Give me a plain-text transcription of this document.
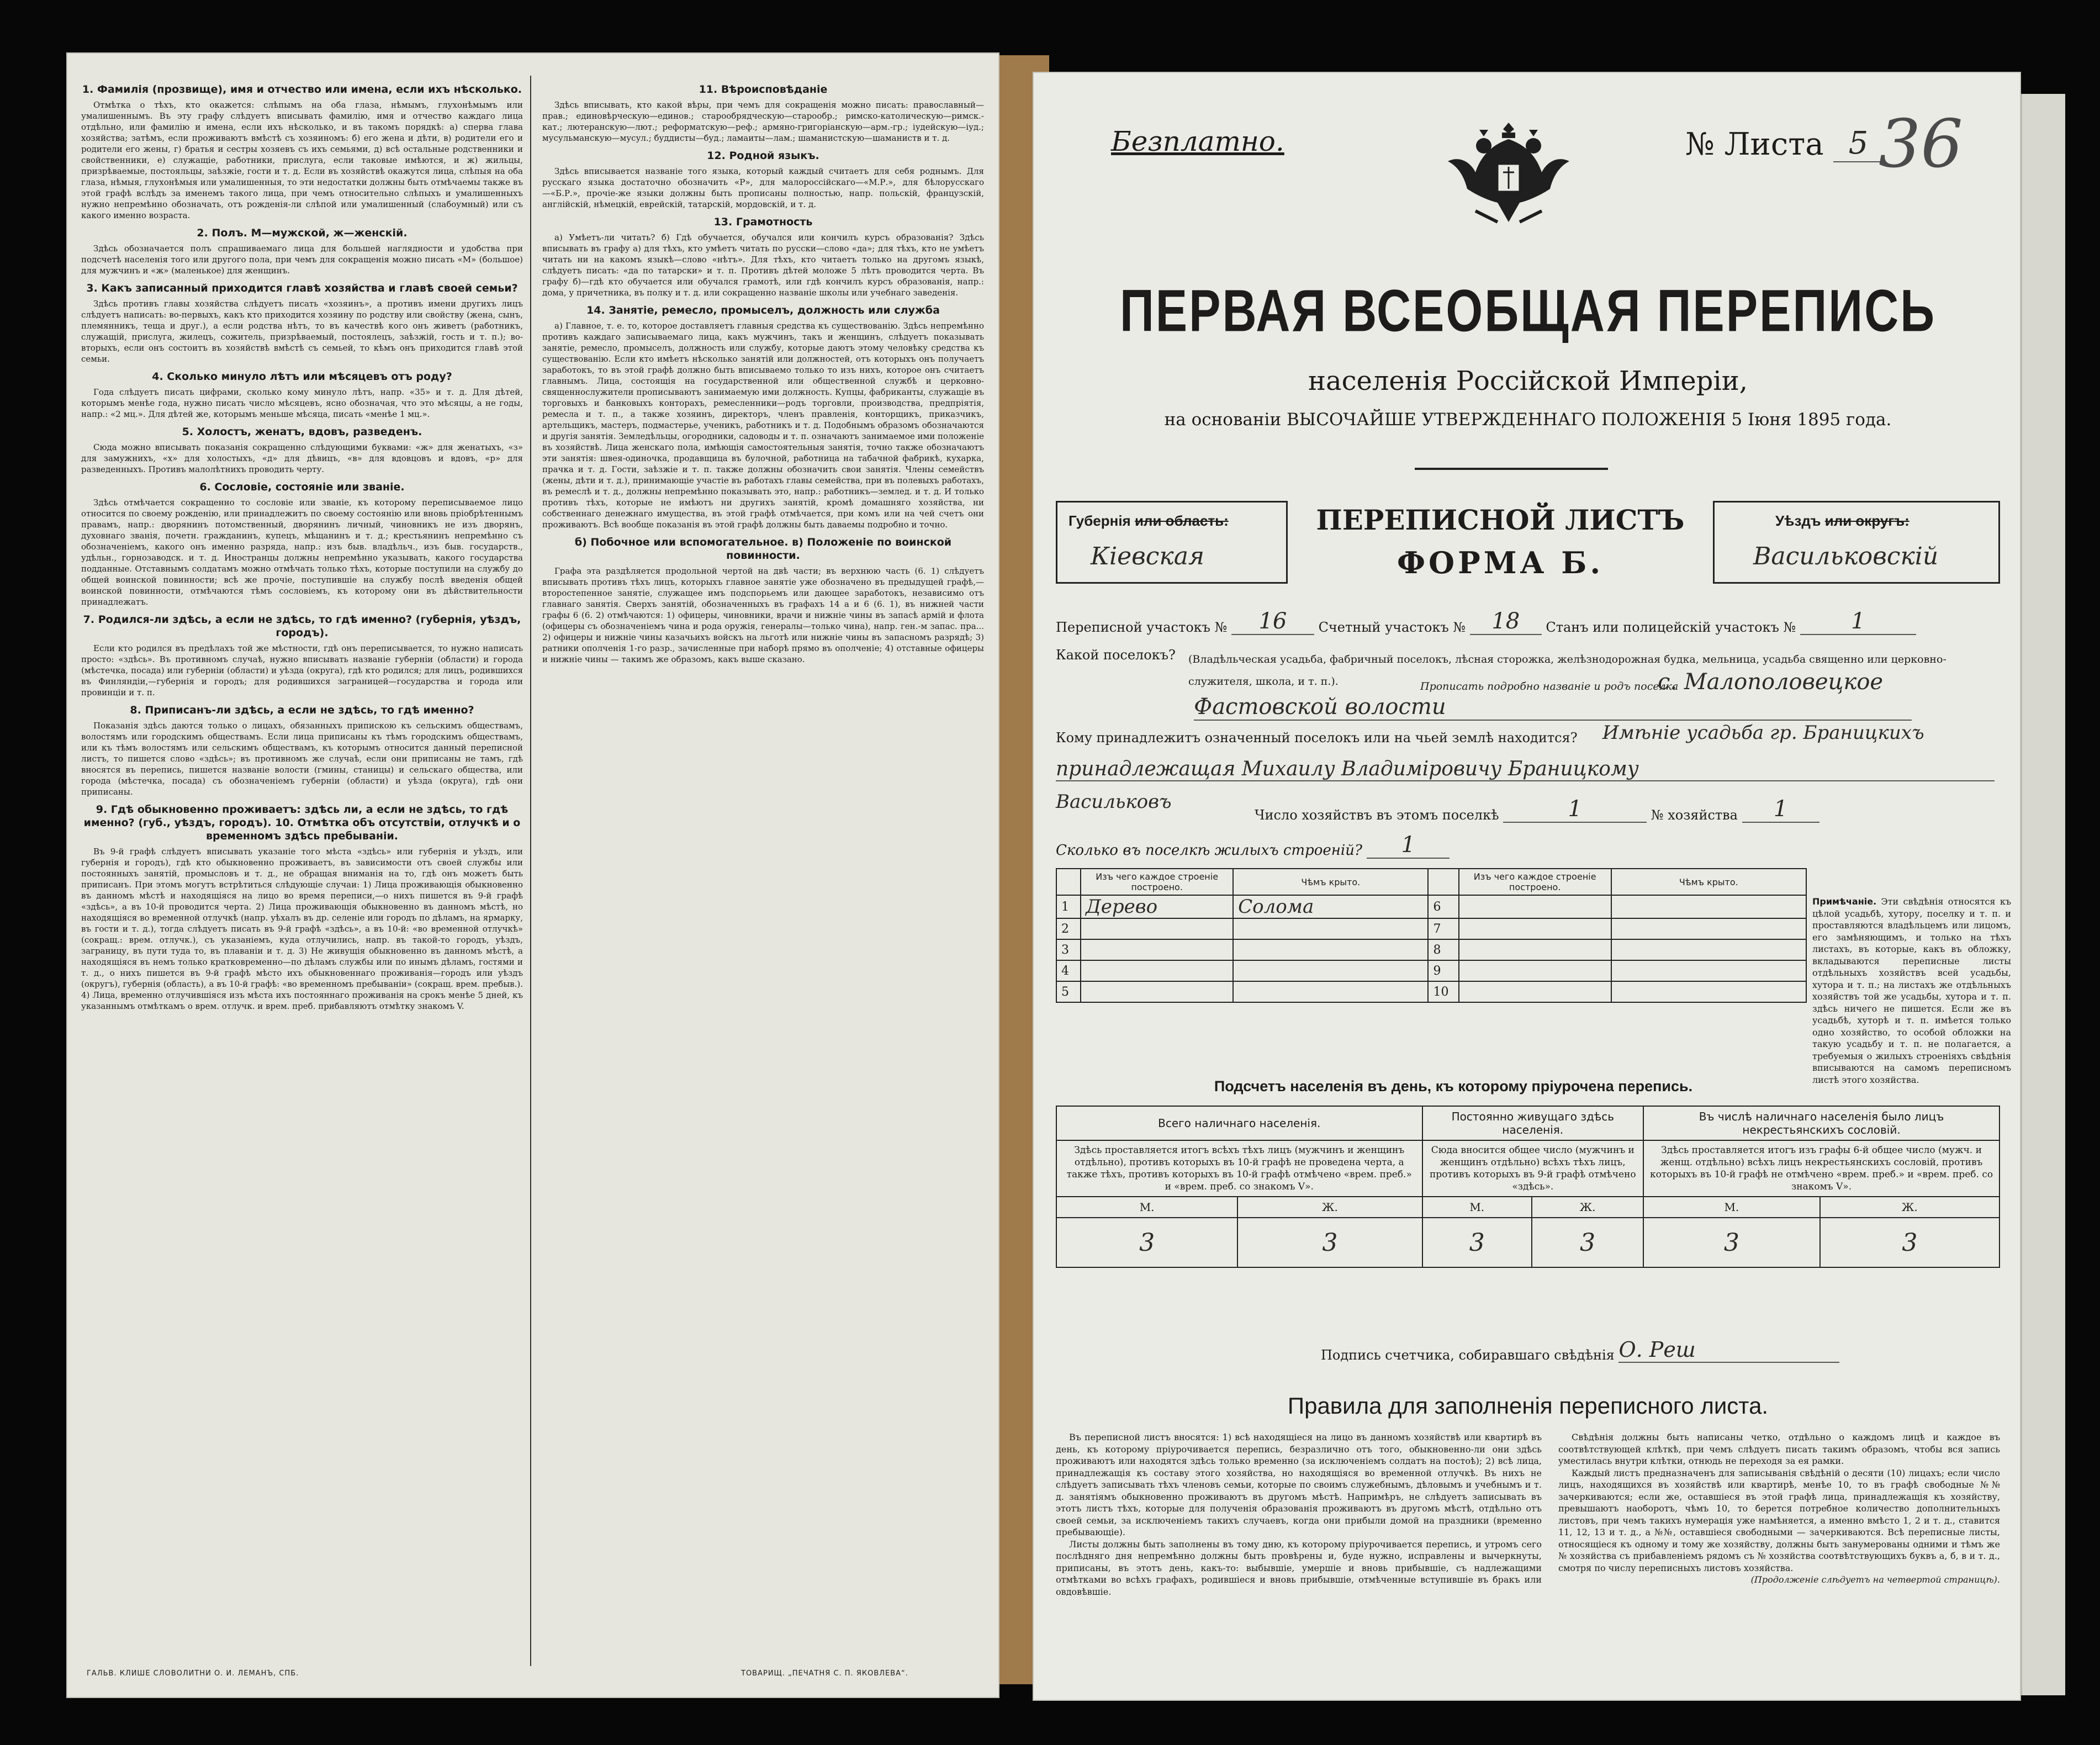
1. Фамилія (прозвище), имя и отчество или имена, если ихъ нѣсколько.

Отмѣтка о тѣхъ, кто окажется: слѣпымъ на оба глаза, нѣмымъ, глухонѣмымъ или умалишеннымъ. Въ эту графу слѣдуетъ вписывать фамилію, имя и отчество каждаго лица отдѣльно, или фамилію и имена, если ихъ нѣсколько, и въ такомъ порядкѣ: а) сперва глава хозяйства; затѣмъ, если проживаютъ вмѣстѣ съ хозяиномъ: б) его жена и дѣти, в) родители его и родители его жены, г) братья и сестры хозяевъ съ ихъ семьями, д) всѣ остальные родственники и свойственники, е) служащіе, работники, прислуга, если таковые имѣются, и ж) жильцы, призрѣваемые, постояльцы, заѣзжіе, гости и т. д. Если въ хозяйствѣ окажутся лица, слѣпыя на оба глаза, нѣмыя, глухонѣмыя или умалишенныя, то эти недостатки должны быть отмѣчаемы также въ этой графѣ вслѣдъ за именемъ такого лица, при чемъ относительно слѣпыхъ и умалишенныхъ нужно непремѣнно обозначать, отъ рожденія-ли слѣпой или умалишенный (слабоумный) или съ какого именно возраста.

2. Полъ. М—мужской, ж—женскій.

Здѣсь обозначается полъ спрашиваемаго лица для большей наглядности и удобства при подсчетѣ населенія того или другого пола, при чемъ для сокращенія можно писать «М» (большое) для мужчинъ и «ж» (маленькое) для женщинъ.

3. Какъ записанный приходится главѣ хозяйства и главѣ своей семьи?

Здѣсь противъ главы хозяйства слѣдуетъ писать «хозяинъ», а противъ имени другихъ лицъ слѣдуетъ написать: во-первыхъ, какъ кто приходится хозяину по родству или свойству (жена, сынъ, племянникъ, теща и друг.), а если родства нѣтъ, то въ качествѣ кого онъ живетъ (работникъ, служащій, прислуга, жилецъ, сожитель, призрѣваемый, постоялецъ, заѣзжій, гость и т. п.); во-вторыхъ, если онъ состоитъ въ хозяйствѣ вмѣстѣ съ семьей, то кѣмъ онъ приходится главѣ этой семьи.

4. Сколько минуло лѣтъ или мѣсяцевъ отъ роду?

Года слѣдуетъ писать цифрами, сколько кому минуло лѣтъ, напр. «35» и т. д. Для дѣтей, которымъ менѣе года, нужно писать число мѣсяцевъ, ясно обозначая, что это мѣсяцы, а не годы, напр.: «2 мц.». Для дѣтей же, которымъ меньше мѣсяца, писать «менѣе 1 мц.».

5. Холостъ, женатъ, вдовъ, разведенъ.

Сюда можно вписывать показанія сокращенно слѣдующими буквами: «ж» для женатыхъ, «з» для замужнихъ, «х» для холостыхъ, «д» для дѣвицъ, «в» для вдовцовъ и вдовъ, «р» для разведенныхъ. Противъ малолѣтнихъ проводить черту.

6. Сословіе, состояніе или званіе.

Здѣсь отмѣчается сокращенно то сословіе или званіе, къ которому переписываемое лицо относится по своему рожденію, или принадлежитъ по своему состоянію или вновь пріобрѣтеннымъ правамъ, напр.: дворянинъ потомственный, дворянинъ личный, чиновникъ не изъ дворянъ, духовнаго званія, почетн. гражданинъ, купецъ, мѣщанинъ и т. д.; крестьянинъ непремѣнно съ обозначеніемъ, какого онъ именно разряда, напр.: изъ быв. владѣльч., изъ быв. государств., удѣльн., горнозаводск. и т. д. Иностранцы должны непремѣнно указывать, какого государства подданные. Отставнымъ солдатамъ можно отмѣчать только тѣхъ, которые поступили на службу до общей воинской повинности; всѣ же прочіе, поступившіе на службу послѣ введенія общей воинской повинности, отмѣчаются тѣмъ сословіемъ, къ которому они въ дѣйствительности принадлежатъ.

7. Родился-ли здѣсь, а если не здѣсь, то гдѣ именно? (губернія, уѣздъ, городъ).

Если кто родился въ предѣлахъ той же мѣстности, гдѣ онъ переписывается, то нужно написать просто: «здѣсь». Въ противномъ случаѣ, нужно вписывать названіе губерніи (области) и города (мѣстечка, посада) или губерніи (области) и уѣзда (округа), гдѣ кто родился; для лицъ, родившихся въ Финляндіи,—губернія и городъ; для родившихся заграницей—государства и города или провинціи и т. п.

8. Приписанъ-ли здѣсь, а если не здѣсь, то гдѣ именно?

Показанія здѣсь даются только о лицахъ, обязанныхъ припискою къ сельскимъ обществамъ, волостямъ или городскимъ обществамъ. Если лица приписаны къ тѣмъ городскимъ обществамъ, или къ тѣмъ волостямъ или сельскимъ обществамъ, къ которымъ относится данный переписной листъ, то пишется слово «здѣсь»; въ противномъ же случаѣ, если они приписаны не тамъ, гдѣ вносятся въ перепись, пишется названіе волости (гмины, станицы) и сельскаго общества, или города (мѣстечка, посада) съ обозначеніемъ губерніи (области) и уѣзда (округа), гдѣ они приписаны.

9. Гдѣ обыкновенно проживаетъ: здѣсь ли, а если не здѣсь, то гдѣ именно? (губ., уѣздъ, городъ). 10. Отмѣтка объ отсутствіи, отлучкѣ и о временномъ здѣсь пребываніи.

Въ 9-й графѣ слѣдуетъ вписывать указаніе того мѣста «здѣсь» или губернія и уѣздъ, или губернія и городъ), гдѣ кто обыкновенно проживаетъ, въ зависимости отъ своей службы или постоянныхъ занятій, промысловъ и т. д., не обращая вниманія на то, гдѣ онъ можетъ быть приписанъ. При этомъ могутъ встрѣтиться слѣдующіе случаи: 1) Лица проживающія обыкновенно въ данномъ мѣстѣ и находящіяся на лицо во время переписи,—о нихъ пишется въ 9-й графѣ «здѣсь», а въ 10-й проводится черта. 2) Лица проживающія обыкновенно въ данномъ мѣстѣ, но находящіяся во временной отлучкѣ (напр. уѣхалъ въ др. селеніе или городъ по дѣламъ, на ярмарку, въ гости и т. д.), тогда слѣдуетъ писать въ 9-й графѣ «здѣсь», а въ 10-й: «во временной отлучкѣ» (сокращ.: врем. отлучк.), съ указаніемъ, куда отлучились, напр. въ такой-то городъ, уѣздъ, заграницу, въ пути туда то, въ плаваніи и т. д. 3) Не живущія обыкновенно въ данномъ мѣстѣ, а находящіяся въ немъ только кратковременно—по дѣламъ службы или по инымъ дѣламъ, гостями и т. д., о нихъ пишется въ 9-й графѣ мѣсто ихъ обыкновеннаго проживанія—городъ или уѣздъ (округъ), губернія (область), а въ 10-й графѣ: «во временномъ пребываніи» (сокращ. врем. пребыв.). 4) Лица, временно отлучившіяся изъ мѣста ихъ постояннаго проживанія на срокъ менѣе 5 дней, къ указаннымъ отмѣткамъ о врем. отлучк. и врем. преб. прибавляютъ отмѣтку знакомъ V.

11. Вѣроисповѣданіе

Здѣсь вписывать, кто какой вѣры, при чемъ для сокращенія можно писать: православный—прав.; единовѣрческую—единов.; старообрядческую—старообр.; римско-католическую—римск.-кат.; лютеранскую—лют.; реформатскую—реф.; армяно-григоріанскую—арм.-гр.; іудейскую—іуд.; мусульманскую—мусул.; буддисты—буд.; ламаиты—лам.; шаманистскую—шаманиств и т. д.

12. Родной языкъ.

Здѣсь вписывается названіе того языка, который каждый считаетъ для себя роднымъ. Для русскаго языка достаточно обозначить «Р», для малороссійскаго—«М.Р.», для бѣлорусскаго—«Б.Р.», прочіе-же языки должны быть прописаны полностью, напр. польскій, французскій, англійскій, нѣмецкій, еврейскій, татарскій, мордовскій, и т. д.

13. Грамотность

а) Умѣетъ-ли читать? б) Гдѣ обучается, обучался или кончилъ курсъ образованія? Здѣсь вписывать въ графу а) для тѣхъ, кто умѣетъ читать по русски—слово «да»; для тѣхъ, кто не умѣетъ читать ни на какомъ языкѣ—слово «нѣтъ». Для тѣхъ, кто читаетъ только на другомъ языкѣ, слѣдуетъ писать: «да по татарски» и т. п. Противъ дѣтей моложе 5 лѣтъ проводится черта. Въ графу б)—гдѣ кто обучается или обучался грамотѣ, или гдѣ кончилъ курсъ образованія, напр.: дома, у причетника, въ полку и т. д. или сокращенно названіе школы или учебнаго заведенія.

14. Занятіе, ремесло, промыселъ, должность или служба

а) Главное, т. е. то, которое доставляетъ главныя средства къ существованію. Здѣсь непремѣнно противъ каждаго записываемаго лица, какъ мужчинъ, такъ и женщинъ, слѣдуетъ показывать занятіе, ремесло, промыселъ, должность или службу, которые даютъ этому человѣку средства къ существованію. Если кто имѣетъ нѣсколько занятій или должностей, отъ которыхъ онъ получаетъ заработокъ, то въ этой графѣ должно быть вписываемо только то изъ нихъ, которое онъ считаетъ главнымъ. Лица, состоящія на государственной или общественной службѣ и церковно-священнослужители прописываютъ занимаемую ими должность. Купцы, фабриканты, служащіе въ торговыхъ и банковыхъ конторахъ, ремесленники—родъ торговли, производства, предпріятія, ремесла и т. п., а также хозяинъ, директоръ, членъ правленія, конторщикъ, приказчикъ, артельщикъ, мастеръ, подмастерье, ученикъ, работникъ и т. д. Подобнымъ образомъ обозначаются и другія занятія. Земледѣльцы, огородники, садоводы и т. п. означаютъ занимаемое ими положеніе въ хозяйствѣ. Лица женскаго пола, имѣющія самостоятельныя занятія, точно также обозначаютъ эти занятія: швея-одиночка, продавщица въ булочной, работница на табачной фабрикѣ, кухарка, прачка и т. д. Гости, заѣзжіе и т. п. также должны обозначить свои занятія. Члены семействъ (жены, дѣти и т. д.), принимающіе участіе въ работахъ главы семейства, при въ полевыхъ работахъ, въ ремеслѣ и т. д., должны непремѣнно показывать это, напр.: работникъ—землед. и т. д. И только противъ тѣхъ, которые не имѣютъ ни другихъ занятій, кромѣ домашняго хозяйства, ни собственнаго денежнаго имущества, въ этой графѣ отмѣчается, при комъ или на чей счетъ они проживаютъ. Всѣ вообще показанія въ этой графѣ должны быть даваемы подробно и точно.

б) Побочное или вспомогательное. в) Положеніе по воинской повинности.

Графа эта раздѣляется продольной чертой на двѣ части; въ верхнюю часть (6. 1) слѣдуетъ вписывать противъ тѣхъ лицъ, которыхъ главное занятіе уже обозначено въ предыдущей графѣ,—второстепенное занятіе, служащее имъ подспорьемъ или дающее заработокъ, независимо отъ главнаго занятія. Сверхъ занятій, обозначенныхъ въ графахъ 14 а и 6 (6. 1), въ нижней части графы 6 (6. 2) отмѣчаются: 1) офицеры, чиновники, врачи и нижніе чины въ запасѣ армій и флота (офицеры съ обозначеніемъ чина и рода оружія, генералы—только чина), напр. ген.-м запас. пра... 2) офицеры и нижніе чины казачьихъ войскъ на льготѣ или нижніе чины въ запасномъ разрядѣ; 3) ратники ополченія 1-го разр., зачисленные при наборѣ прямо въ ополченіе; 4) отставные офицеры и нижніе чины — такимъ же образомъ, какъ выше сказано.

ГАЛЬВ. КЛИШЕ СЛОВОЛИТНИ О. И. ЛЕМАНЪ, СПБ.	ТОВАРИЩ. „ПЕЧАТНЯ С. П. ЯКОВЛЕВА“.
Безплатно.	№ Листа 5 36
ПЕРВАЯ ВСЕОБЩАЯ ПЕРЕПИСЬ
населенія Россійской Имперіи,
на основаніи ВЫСОЧАЙШЕ УТВЕРЖДЕННАГО ПОЛОЖЕНІЯ 5 Іюня 1895 года.
Губернія или область:
Кіевская
ПЕРЕПИСНОЙ ЛИСТЪ
ФОРМА Б.
Уѣздъ или округъ:
Васильковскій
Переписной участокъ № 16 Счетный участокъ № 18 Станъ или полицейскій участокъ № 1
Какой поселокъ? (Владѣльческая усадьба, фабричный поселокъ, лѣсная сторожка, желѣзнодорожная будка, мельница, усадьба священно или церковно-служителя, школа, и т. п.).	Прописать подробно названіе и родъ поселка
с. Малополовецкое
Фастовской волости
Кому принадлежитъ означенный поселокъ или на чьей землѣ находится? Имѣніе усадьба гр. Браницкихъ
принадлежащая Михаилу Владиміровичу Браницкому
Васильковъ
Число хозяйствъ въ этомъ поселкѣ	1	№ хозяйства 1
Сколько въ поселкѣ жилыхъ строеній? 1
	Изъ чего каждое строеніе построено.	Чѣмъ крыто.		Изъ чего каждое строеніе построено.	Чѣмъ крыто.
1	Дерево	Солома	6		
2			7		
3			8		
4			9		
5			10		
Примѣчаніе. Эти свѣдѣнія относятся къ цѣлой усадьбѣ, хутору, поселку и т. п. и проставляются владѣльцемъ или лицомъ, его замѣняющимъ, и только на тѣхъ листахъ, въ которые, какъ въ обложку, вкладываются переписные листы отдѣльныхъ хозяйствъ всей усадьбы, хутора и т. п.; на листахъ же отдѣльныхъ хозяйствъ той же усадьбы, хутора и т. п. здѣсь ничего не пишется. Если же въ усадьбѣ, хуторѣ и т. п. имѣется только одно хозяйство, то особой обложки на такую усадьбу и т. п. не полагается, а требуемыя о жилыхъ строеніяхъ свѣдѣнія вписываются на самомъ переписномъ листѣ этого хозяйства.
Подсчетъ населенія въ день, къ которому пріурочена перепись.
Всего наличнаго населенія.		Постоянно живущаго здѣсь населенія.		Въ числѣ наличнаго населенія было лицъ некрестьянскихъ сословій.	
Здѣсь проставляется итогъ всѣхъ тѣхъ лицъ (мужчинъ и женщинъ отдѣльно), противъ которыхъ въ 10-й графѣ не проведена черта, а также тѣхъ, противъ которыхъ въ 10-й графѣ отмѣчено «врем. преб.» и «врем. преб. со знакомъ V».		Сюда вносится общее число (мужчинъ и женщинъ отдѣльно) всѣхъ тѣхъ лицъ, противъ которыхъ въ 9-й графѣ отмѣчено «здѣсь».		Здѣсь проставляется итогъ изъ графы 6-й общее число (мужч. и женщ. отдѣльно) всѣхъ лицъ некрестьянскихъ сословій, противъ которыхъ въ 10-й графѣ не отмѣчено «врем. преб.» и «врем. преб. со знакомъ V».	
М.	Ж.	М.	Ж.	М.	Ж.
3	3	3	3	3	3
Подпись счетчика, собиравшаго свѣдѣнія О. Реш
Правила для заполненія переписного листа.

Въ переписной листъ вносятся: 1) всѣ находящіеся на лицо въ данномъ хозяйствѣ или квартирѣ въ день, къ которому пріурочивается перепись, безразлично отъ того, обыкновенно-ли они здѣсь проживаютъ или находятся здѣсь только временно (за исключеніемъ солдатъ на постоѣ); 2) всѣ лица, принадлежащія къ составу этого хозяйства, но находящіяся во временной отлучкѣ. Въ нихъ не слѣдуетъ записывать тѣхъ членовъ семьи, которые по своимъ служебнымъ, дѣловымъ и учебнымъ и т. д. занятіямъ обыкновенно проживаютъ въ другомъ мѣстѣ. Напримѣръ, не слѣдуетъ записывать въ этотъ листъ тѣхъ, которые для полученія образованія проживаютъ въ другомъ мѣстѣ, отдѣльно отъ своей семьи, за исключеніемъ такихъ случаевъ, когда они прибыли домой на праздники (временно пребывающіе).

Листы должны быть заполнены въ тому дню, къ которому пріурочивается перепись, и утромъ сего послѣдняго дня непремѣнно должны быть провѣрены и, буде нужно, исправлены и вычеркнуты, приписаны, въ этотъ день, какъ-то: выбывшіе, умершіе и вновь прибывшіе, съ надлежащими отмѣтками во всѣхъ графахъ, родившіеся и вновь прибывшіе, отмѣченные вступившіе въ бракъ или овдовѣвшіе.

Свѣдѣнія должны быть написаны четко, отдѣльно о каждомъ лицѣ и каждое въ соотвѣтствующей клѣткѣ, при чемъ слѣдуетъ писать такимъ образомъ, чтобы вся запись уместилась внутри клѣтки, отнюдь не переходя за ея рамки.

Каждый листъ предназначенъ для записыванія свѣдѣній о десяти (10) лицахъ; если число лицъ, находящихся въ хозяйствѣ или квартирѣ, менѣе 10, то въ графѣ свободные №№ зачеркиваются; если же, оставшіеся въ этой графѣ лица, принадлежащія къ хозяйству, превышаютъ наоборотъ, чѣмъ 10, то берется потребное количество дополнительныхъ листовъ, при чемъ такихъ нумерація уже намѣняется, а именно вмѣсто 1, 2 и т. д., ставится 11, 12, 13 и т. д., а №№, оставшіеся свободными — зачеркиваются. Всѣ переписные листы, относящіеся къ одному и тому же хозяйству, должны быть занумерованы одними и тѣмъ же № хозяйства съ прибавленіемъ рядомъ съ № хозяйства соотвѣтствующихъ буквъ а, б, в и т. д., смотря по числу переписныхъ листовъ хозяйства.

(Продолженіе слѣдуетъ на четвертой страницѣ).
